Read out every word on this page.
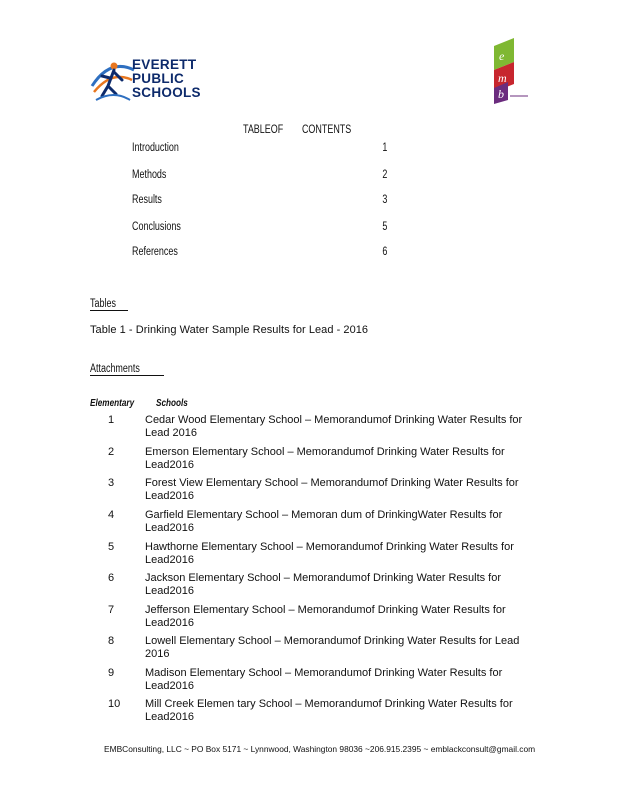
EVERETT
PUBLIC
SCHOOLS
e
m
b
TABLEOF CONTENTS
Introduction	1
Methods	2
Results	3
Conclusions	5
References	6
Tables
Table 1 - Drinking Water Sample Results for Lead - 2016
Attachments
Elementary Schools
1	Cedar Wood Elementary School – Memorandumof Drinking Water Results for Lead 2016
2	Emerson Elementary School – Memorandumof Drinking Water Results for Lead2016
3	Forest View Elementary School – Memorandumof Drinking Water Results for Lead2016
4	Garfield Elementary School – Memoran dum of DrinkingWater Results for Lead2016
5	Hawthorne Elementary School – Memorandumof Drinking Water Results for Lead2016
6	Jackson Elementary School – Memorandumof Drinking Water Results for Lead2016
7	Jefferson Elementary School – Memorandumof Drinking Water Results for Lead2016
8	Lowell Elementary School – Memorandumof Drinking Water Results for Lead 2016
9	Madison Elementary School – Memorandumof Drinking Water Results for Lead2016
10	Mill Creek Elemen tary School – Memorandumof Drinking Water Results for Lead2016
EMBConsulting, LLC ~ PO Box 5171 ~ Lynnwood, Washington 98036 ~206.915.2395 ~ emblackconsult@gmail.com
